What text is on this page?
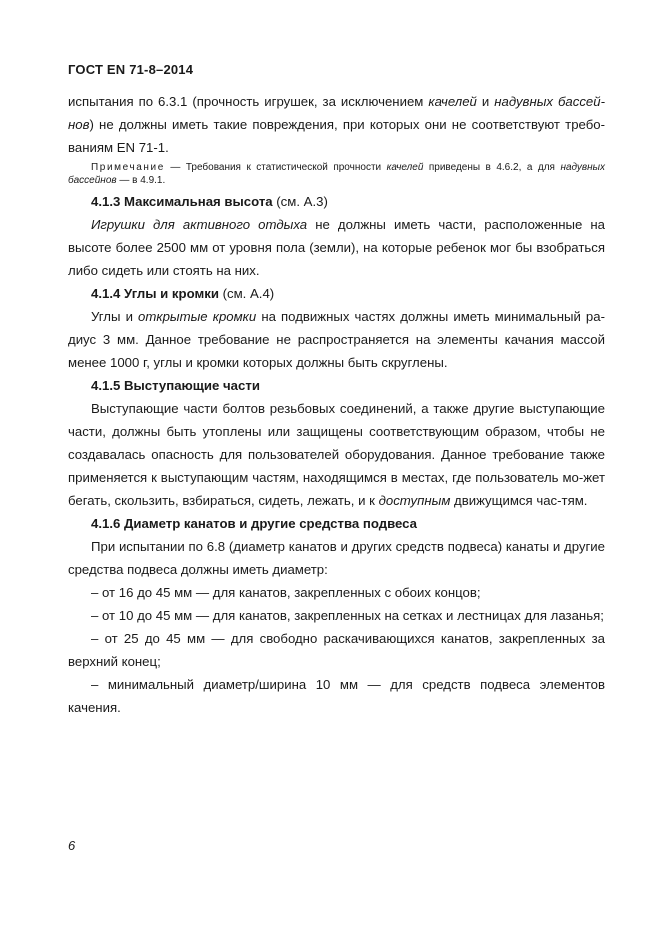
ГОСТ EN 71-8–2014

испытания по 6.3.1 (прочность игрушек, за исключением качелей и надувных бассей-нов) не должны иметь такие повреждения, при которых они не соответствуют требо-ваниям EN 71-1.

Примечание — Требования к статистической прочности качелей приведены в 4.6.2, а для надувных бассейнов — в 4.9.1.

4.1.3 Максимальная высота (см. А.3)

Игрушки для активного отдыха не должны иметь части, расположенные на высоте более 2500 мм от уровня пола (земли), на которые ребенок мог бы взобраться либо сидеть или стоять на них.

4.1.4 Углы и кромки (см. А.4)

Углы и открытые кромки на подвижных частях должны иметь минимальный ра-диус 3 мм. Данное требование не распространяется на элементы качания массой менее 1000 г, углы и кромки которых должны быть скруглены.

4.1.5 Выступающие части

Выступающие части болтов резьбовых соединений, а также другие выступающие части, должны быть утоплены или защищены соответствующим образом, чтобы не создавалась опасность для пользователей оборудования. Данное требование также применяется к выступающим частям, находящимся в местах, где пользователь мо-жет бегать, скользить, взбираться, сидеть, лежать, и к доступным движущимся час-тям.

4.1.6 Диаметр канатов и другие средства подвеса

При испытании по 6.8 (диаметр канатов и других средств подвеса) канаты и другие средства подвеса должны иметь диаметр:

– от 16 до 45 мм — для канатов, закрепленных с обоих концов;

– от 10 до 45 мм — для канатов, закрепленных на сетках и лестницах для лазанья;

– от 25 до 45 мм — для свободно раскачивающихся канатов, закрепленных за верхний конец;

– минимальный диаметр/ширина 10 мм — для средств подвеса элементов качения.

6
